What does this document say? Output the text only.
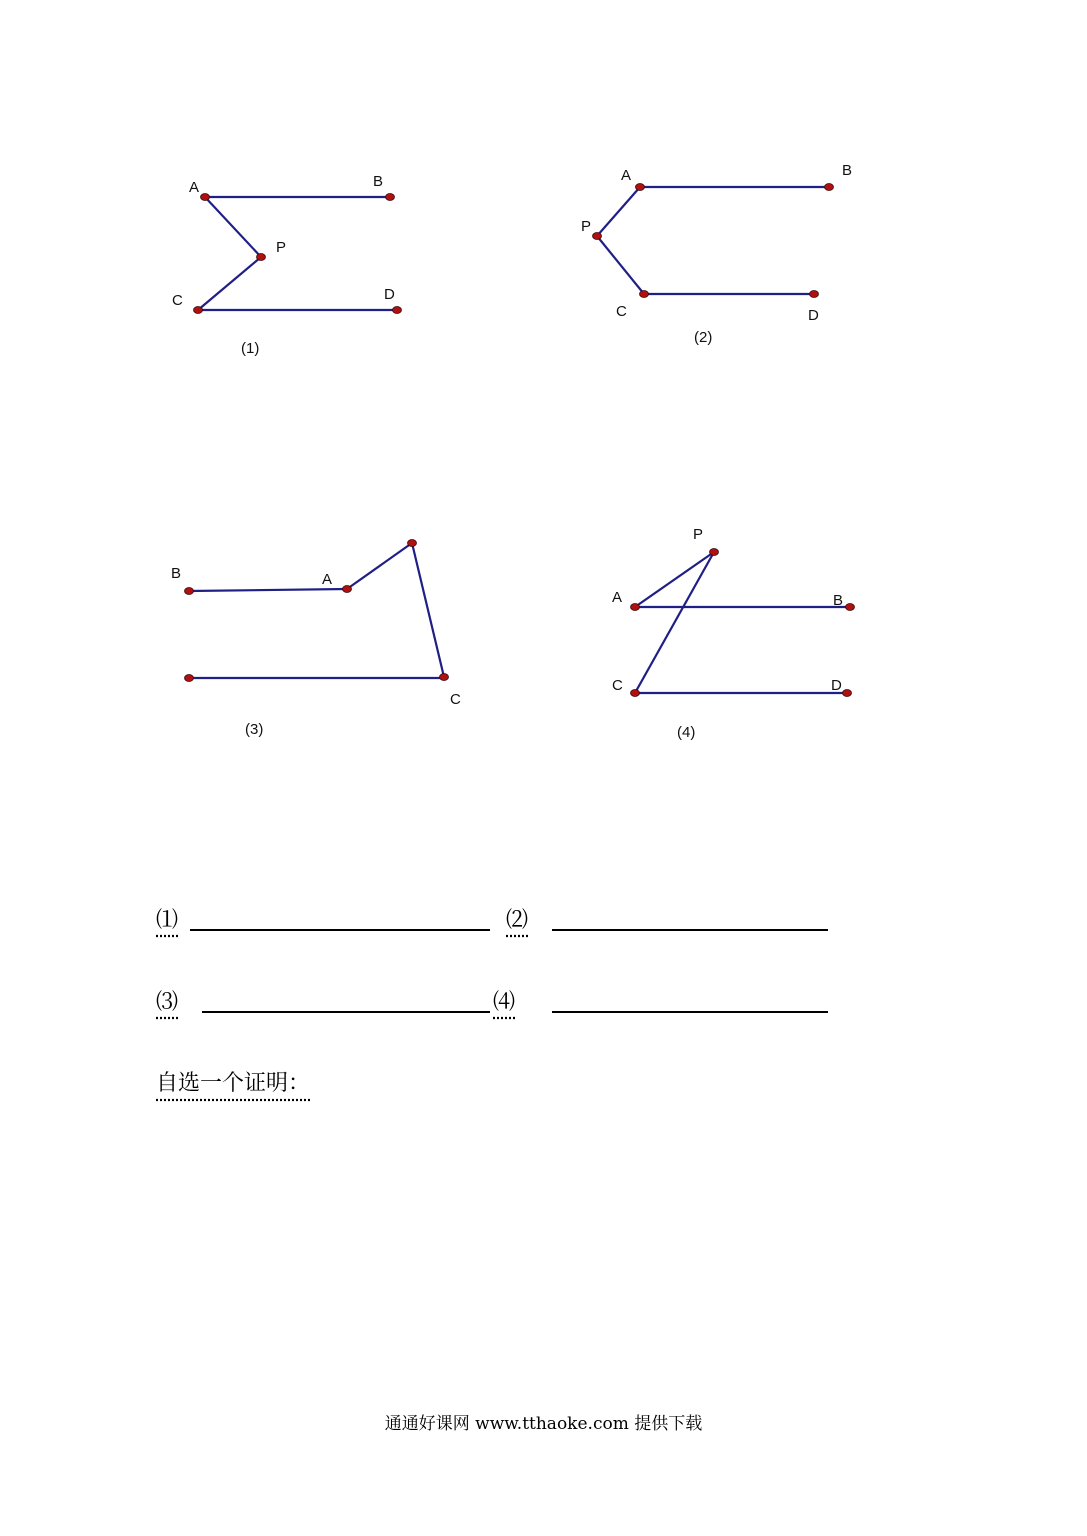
A	B
P
C	D
(1)
A	B
P
C	D
(2)
B	A
C
(3)
P
A	B
C	D
(4)
⑴	⑵
⑶	⑷
自选一个证明：
通通好课网 www.tthaoke.com 提供下载
